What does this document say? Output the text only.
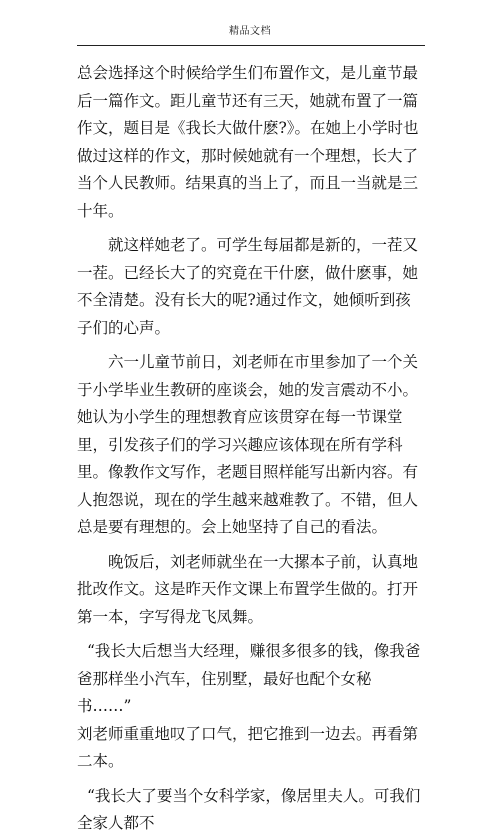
精品文档

总会选择这个时候给学生们布置作文，是儿童节最后一篇作文。距儿童节还有三天，她就布置了一篇作文，题目是《我长大做什麽?》。在她上小学时也做过这样的作文，那时候她就有一个理想，长大了当个人民教师。结果真的当上了，而且一当就是三十年。

就这样她老了。可学生每届都是新的，一茬又一茬。已经长大了的究竟在干什麽，做什麽事，她不全清楚。没有长大的呢?通过作文，她倾听到孩子们的心声。

六一儿童节前日，刘老师在市里参加了一个关于小学毕业生教研的座谈会，她的发言震动不小。她认为小学生的理想教育应该贯穿在每一节课堂里，引发孩子们的学习兴趣应该体现在所有学科里。像教作文写作，老题目照样能写出新内容。有人抱怨说，现在的学生越来越难教了。不错，但人总是要有理想的。会上她坚持了自己的看法。

晚饭后，刘老师就坐在一大摞本子前，认真地批改作文。这是昨天作文课上布置学生做的。打开第一本，字写得龙飞凤舞。

“我长大后想当大经理，赚很多很多的钱，像我爸爸那样坐小汽车，住别墅，最好也配个女秘书……”

刘老师重重地叹了口气，把它推到一边去。再看第二本。

“我长大了要当个女科学家，像居里夫人。可我们全家人都不
